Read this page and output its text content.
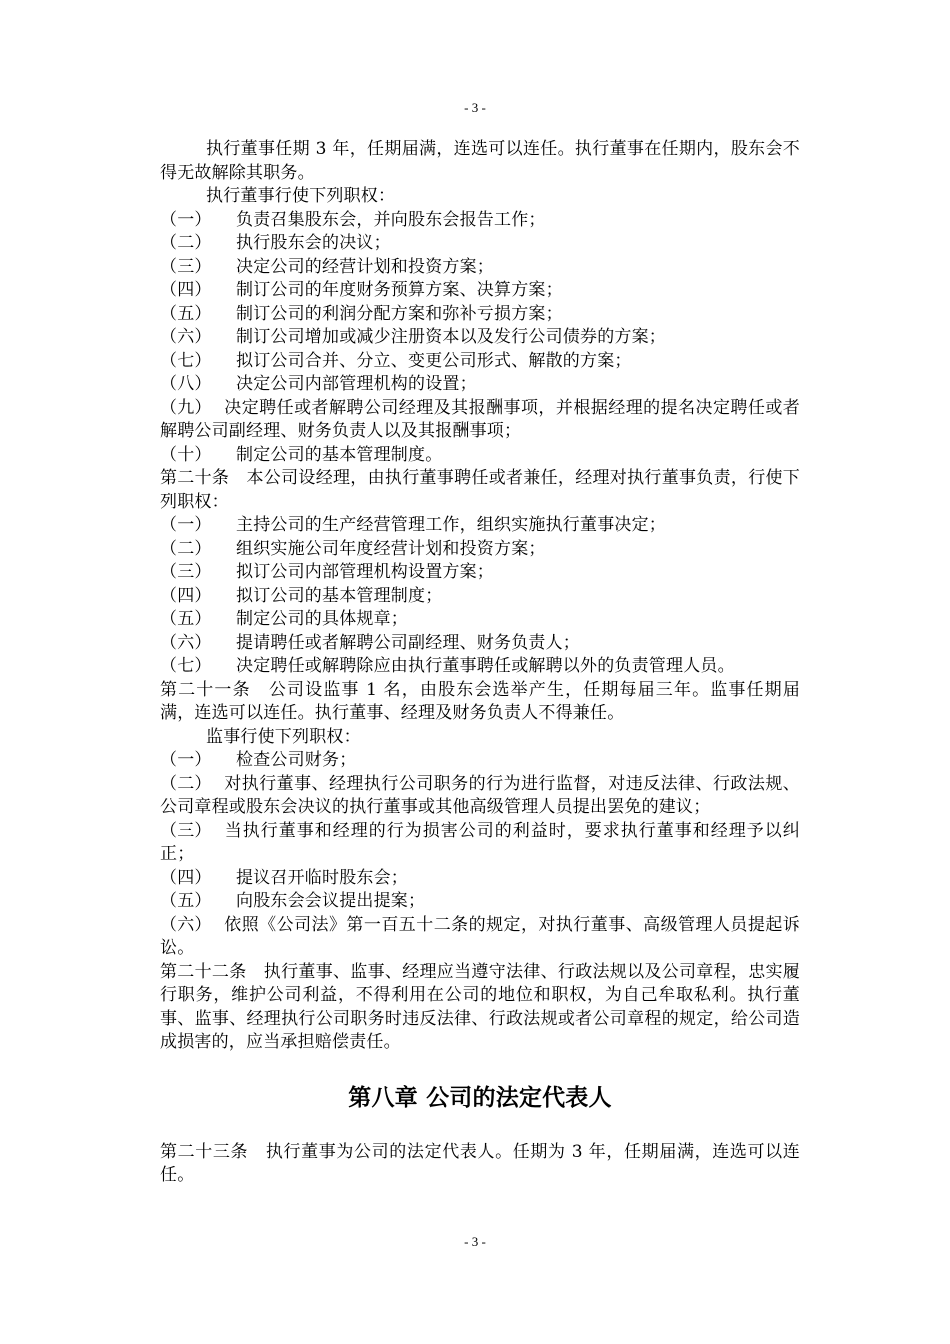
- 3 -

执行董事任期 3 年，任期届满，连选可以连任。执行董事在任期内，股东会不得无故解除其职务。

执行董事行使下列职权：

（一） 负责召集股东会，并向股东会报告工作；
（二） 执行股东会的决议；
（三） 决定公司的经营计划和投资方案；
（四） 制订公司的年度财务预算方案、决算方案；
（五） 制订公司的利润分配方案和弥补亏损方案；
（六） 制订公司增加或减少注册资本以及发行公司债券的方案；
（七） 拟订公司合并、分立、变更公司形式、解散的方案；
（八） 决定公司内部管理机构的设置；
（九） 决定聘任或者解聘公司经理及其报酬事项，并根据经理的提名决定聘任或者解聘公司副经理、财务负责人以及其报酬事项；
（十） 制定公司的基本管理制度。

第二十条　本公司设经理，由执行董事聘任或者兼任，经理对执行董事负责，行使下列职权：

（一） 主持公司的生产经营管理工作，组织实施执行董事决定；
（二） 组织实施公司年度经营计划和投资方案；
（三） 拟订公司内部管理机构设置方案；
（四） 拟订公司的基本管理制度；
（五） 制定公司的具体规章；
（六） 提请聘任或者解聘公司副经理、财务负责人；
（七） 决定聘任或解聘除应由执行董事聘任或解聘以外的负责管理人员。

第二十一条　公司设监事 1 名，由股东会选举产生，任期每届三年。监事任期届满，连选可以连任。执行董事、经理及财务负责人不得兼任。

监事行使下列职权：

（一） 检查公司财务；
（二） 对执行董事、经理执行公司职务的行为进行监督，对违反法律、行政法规、公司章程或股东会决议的执行董事或其他高级管理人员提出罢免的建议；
（三） 当执行董事和经理的行为损害公司的利益时，要求执行董事和经理予以纠正；
（四） 提议召开临时股东会；
（五） 向股东会会议提出提案；
（六） 依照《公司法》第一百五十二条的规定，对执行董事、高级管理人员提起诉讼。

第二十二条　执行董事、监事、经理应当遵守法律、行政法规以及公司章程，忠实履行职务，维护公司利益，不得利用在公司的地位和职权，为自己牟取私利。执行董事、监事、经理执行公司职务时违反法律、行政法规或者公司章程的规定，给公司造成损害的，应当承担赔偿责任。

第八章 公司的法定代表人

第二十三条　执行董事为公司的法定代表人。任期为 3 年，任期届满，连选可以连任。

- 3 -
